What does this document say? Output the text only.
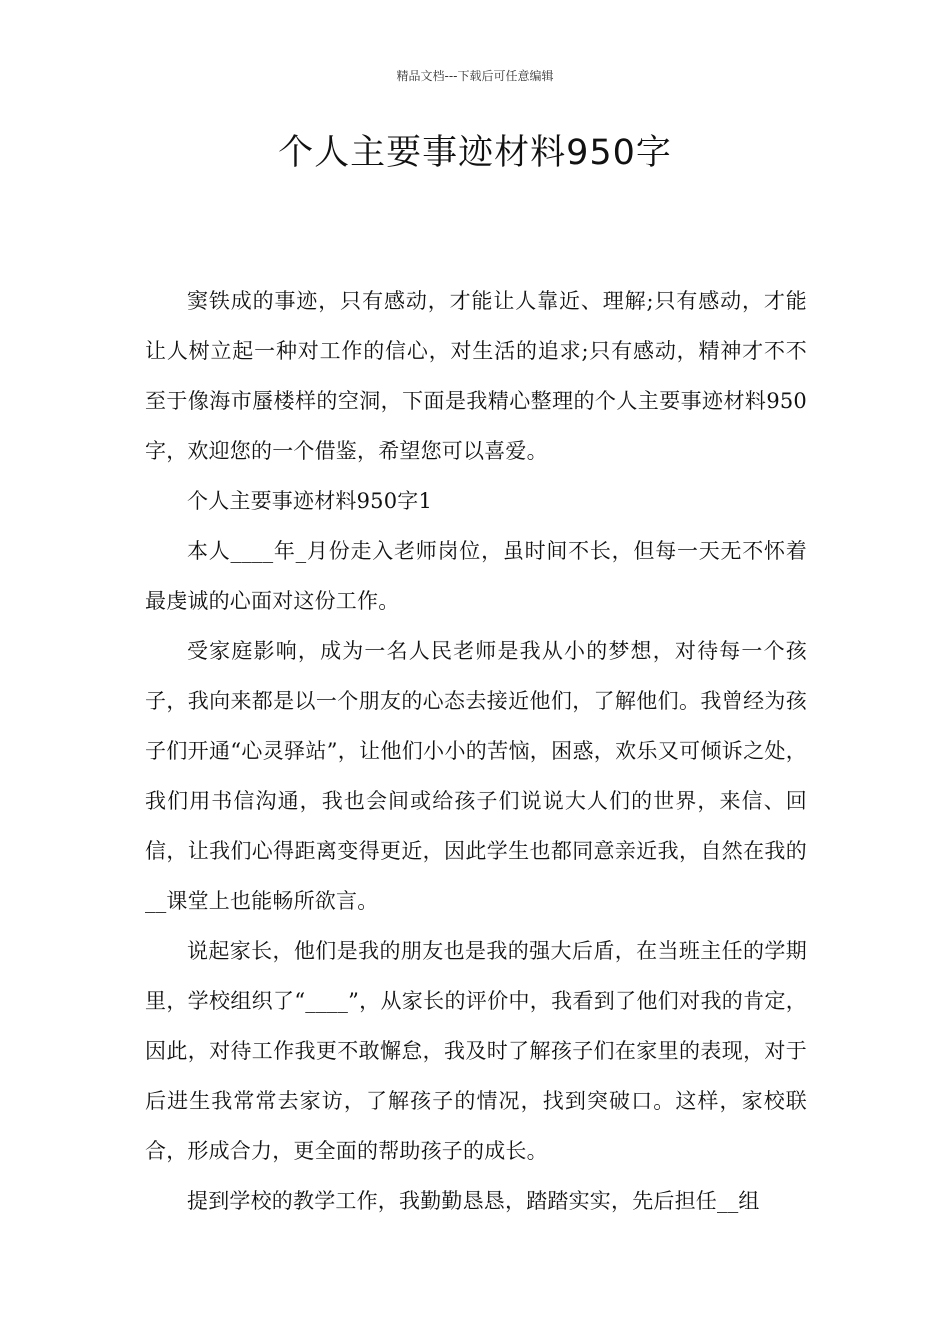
精品文档---下载后可任意编辑
个人主要事迹材料950字

窦铁成的事迹，只有感动，才能让人靠近、理解;只有感动，才能让人树立起一种对工作的信心，对生活的追求;只有感动，精神才不不至于像海市蜃楼样的空洞，下面是我精心整理的个人主要事迹材料950字，欢迎您的一个借鉴，希望您可以喜爱。

个人主要事迹材料950字1

本人____年_月份走入老师岗位，虽时间不长，但每一天无不怀着最虔诚的心面对这份工作。

受家庭影响，成为一名人民老师是我从小的梦想，对待每一个孩子，我向来都是以一个朋友的心态去接近他们，了解他们。我曾经为孩子们开通“心灵驿站”，让他们小小的苦恼，困惑，欢乐又可倾诉之处，我们用书信沟通，我也会间或给孩子们说说大人们的世界，来信、回信，让我们心得距离变得更近，因此学生也都同意亲近我，自然在我的__课堂上也能畅所欲言。

说起家长，他们是我的朋友也是我的强大后盾，在当班主任的学期里，学校组织了“____”，从家长的评价中，我看到了他们对我的肯定，因此，对待工作我更不敢懈怠，我及时了解孩子们在家里的表现，对于后进生我常常去家访，了解孩子的情况，找到突破口。这样，家校联合，形成合力，更全面的帮助孩子的成长。

提到学校的教学工作，我勤勤恳恳，踏踏实实，先后担任__组
